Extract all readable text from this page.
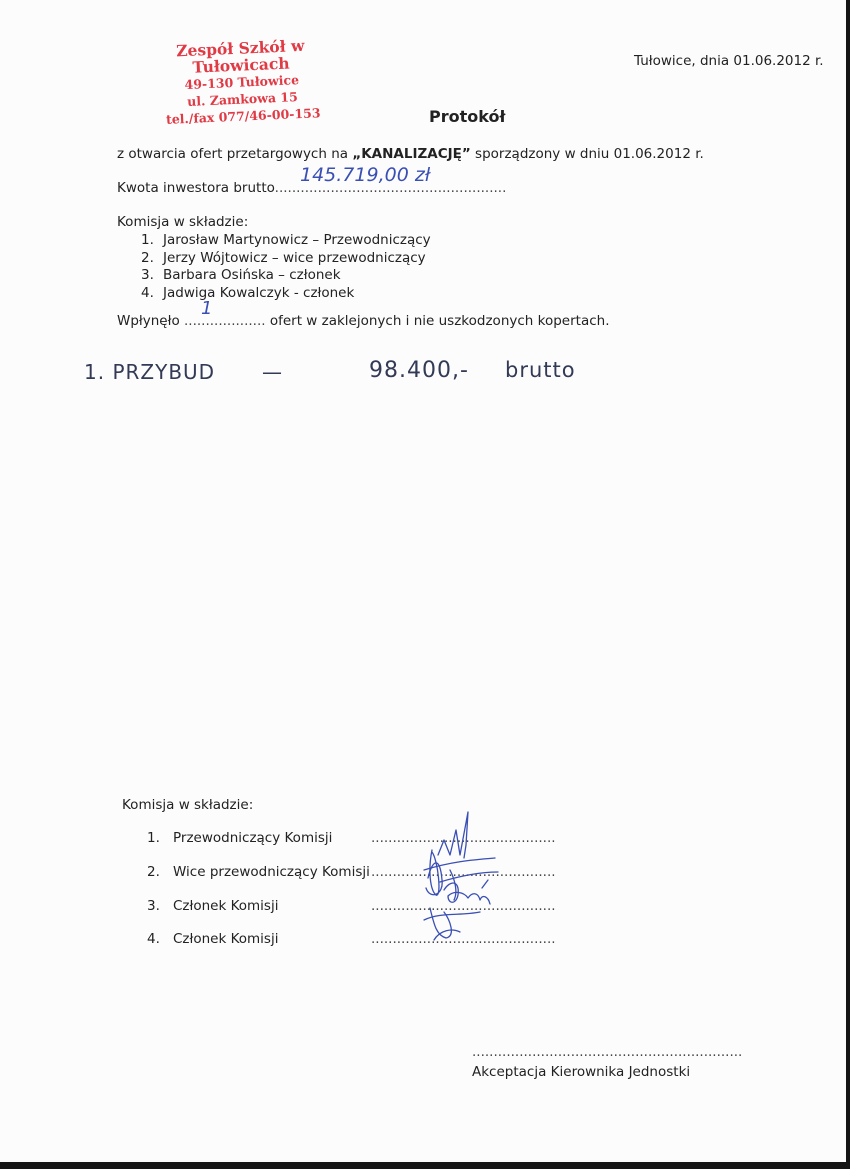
Zespół Szkół w Tułowicach
49-130 Tułowice
ul. Zamkowa 15
tel./fax 077/46-00-153
Tułowice, dnia 01.06.2012 r.
Protokół
z otwarcia ofert przetargowych na „KANALIZACJĘ” sporządzony w dniu 01.06.2012 r.
Kwota inwestora brutto......................................................
145.719,00 zł
Komisja w składzie:
1. Jarosław Martynowicz – Przewodniczący
2. Jerzy Wójtowicz – wice przewodniczący
3. Barbara Osińska – członek
4. Jadwiga Kowalczyk - członek
Wpłynęło ................... ofert w zaklejonych i nie uszkodzonych kopertach.
1
1. PRZYBUD —	98.400,- brutto
Komisja w składzie:
1. Przewodniczący Komisji	...........................................
2. Wice przewodniczący Komisji...........................................
3. Członek Komisji	...........................................
4. Członek Komisji	...........................................
...............................................................
Akceptacja Kierownika Jednostki
